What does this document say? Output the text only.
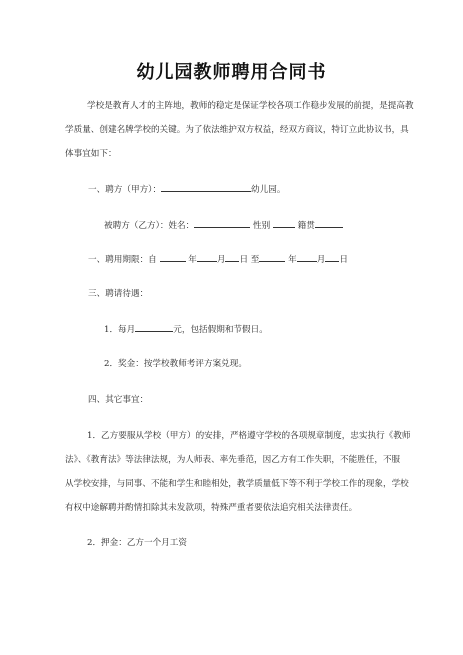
幼儿园教师聘用合同书
学校是教育人才的主阵地，教师的稳定是保证学校各项工作稳步发展的前提，是提高教
学质量、创建名牌学校的关键。为了依法维护双方权益，经双方商议，特订立此协议书，具
体事宜如下：
一、聘方（甲方）：	幼儿园。
被聘方（乙方）：姓名：	性别	籍贯
一、聘用期限：自	年 月 日 至	年 月 日
三、聘请待遇：
1．每月	元，包括假期和节假日。
2．奖金：按学校教师考评方案兑现。
四、其它事宜：
1．乙方要服从学校（甲方）的安排，严格遵守学校的各项规章制度，忠实执行《教师
法》、《教育法》等法律法规，为人师表、率先垂范，因乙方有工作失职，不能胜任，不服
从学校安排，与同事、不能和学生和睦相处，教学质量低下等不利于学校工作的现象，学校
有权中途解聘并酌情扣除其未发款项，特殊严重者要依法追究相关法律责任。
2．押金：乙方一个月工资
